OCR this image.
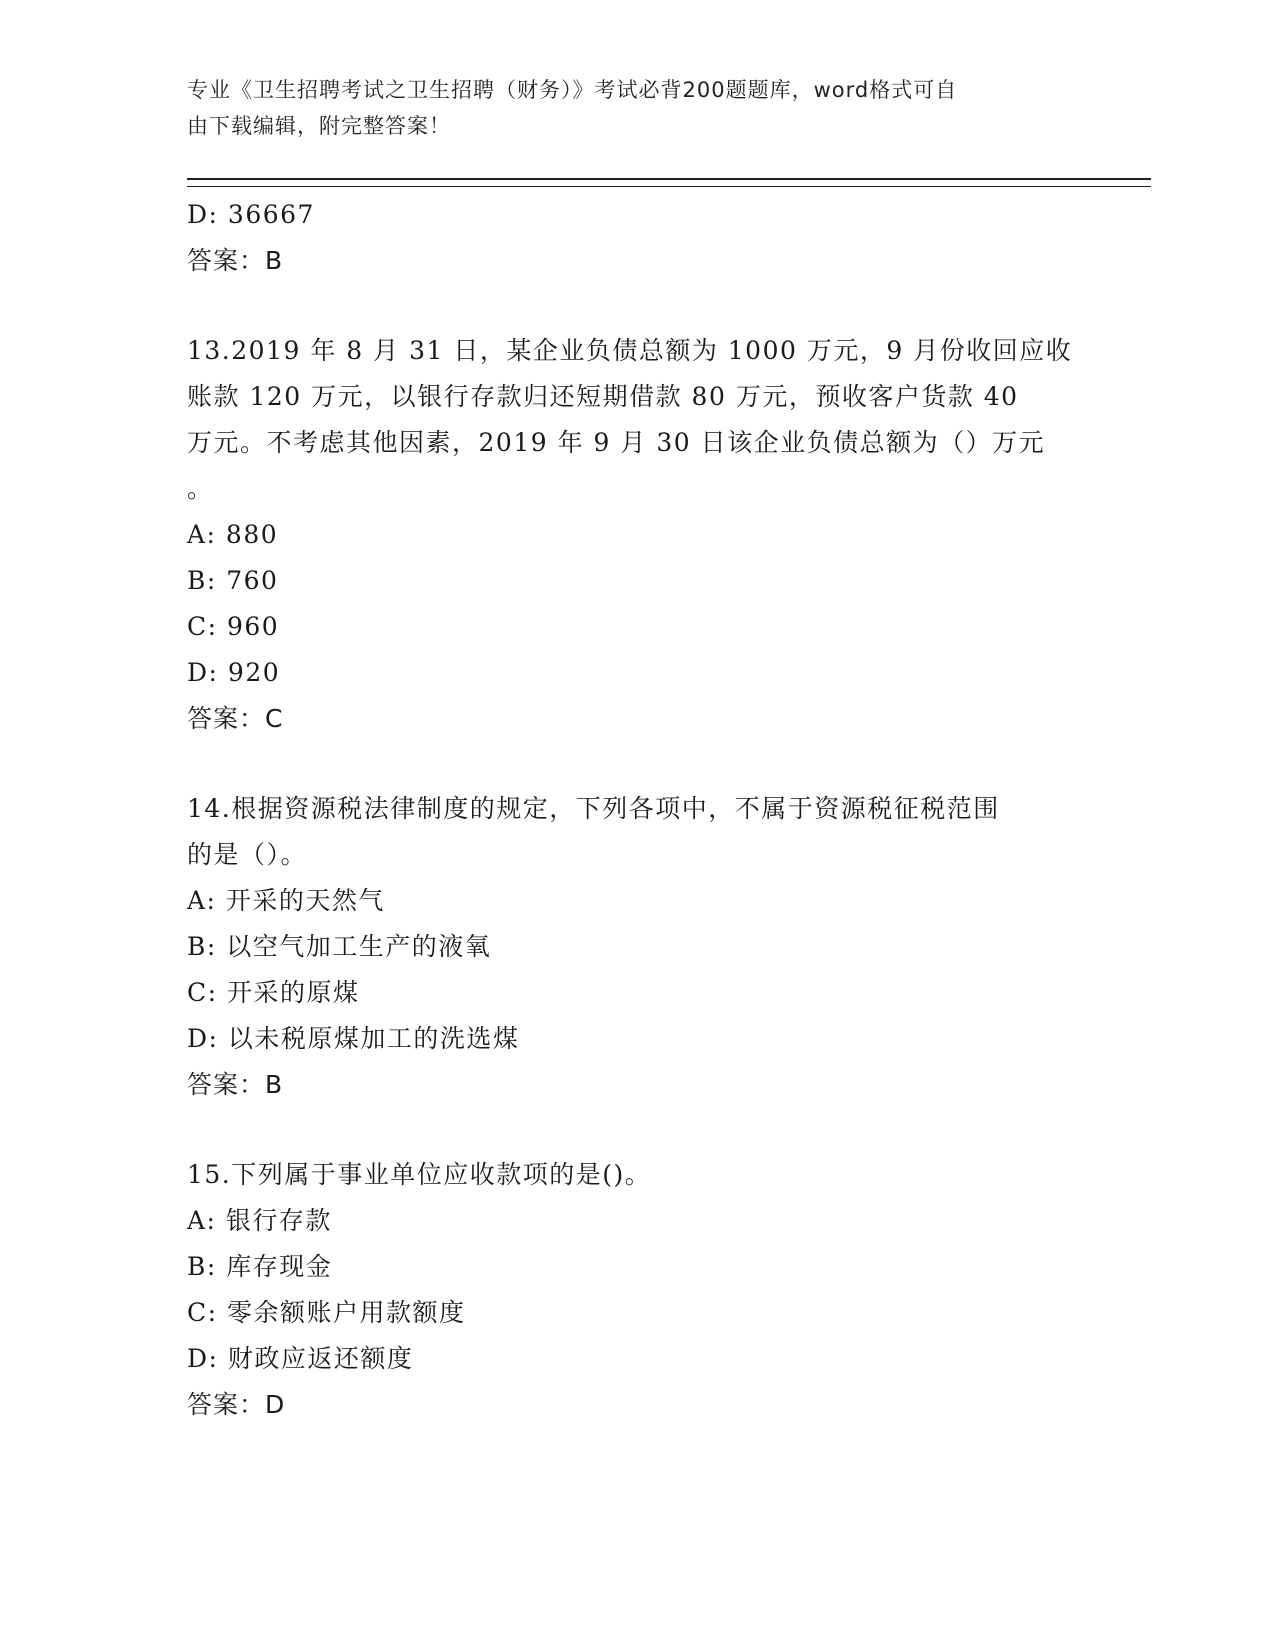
专业《卫生招聘考试之卫生招聘（财务）》考试必背200题题库，word格式可自
由下载编辑，附完整答案！
D: 36667
答案：B
13.2019 年 8 月 31 日，某企业负债总额为 1000 万元，9 月份收回应收
账款 120 万元，以银行存款归还短期借款 80 万元，预收客户货款 40
万元。不考虑其他因素，2019 年 9 月 30 日该企业负债总额为（）万元
。
A: 880
B: 760
C: 960
D: 920
答案：C
14.根据资源税法律制度的规定，下列各项中，不属于资源税征税范围
的是（）。
A: 开采的天然气
B: 以空气加工生产的液氧
C: 开采的原煤
D: 以未税原煤加工的洗选煤
答案：B
15.下列属于事业单位应收款项的是()。
A: 银行存款
B: 库存现金
C: 零余额账户用款额度
D: 财政应返还额度
答案：D
